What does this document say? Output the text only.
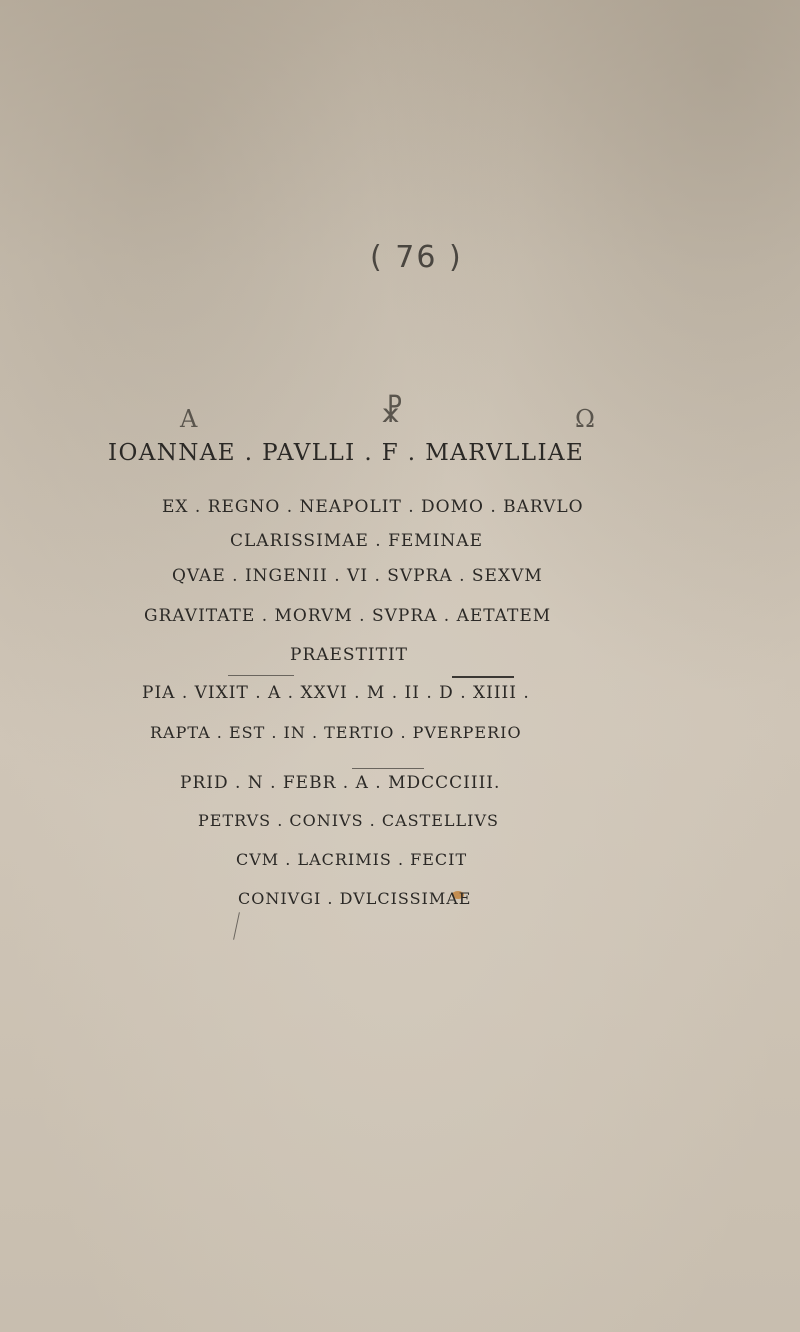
( 76 )
A	☧	Ω
IOANNAE . PAVLLI . F . MARVLLIAE
EX . REGNO . NEAPOLIT . DOMO . BARVLO
CLARISSIMAE . FEMINAE
QVAE . INGENII . VI . SVPRA . SEXVM
GRAVITATE . MORVM . SVPRA . AETATEM
PRAESTITIT
PIA . VIXIT . A . XXVI . M . II . D . XIIII .
RAPTA . EST . IN . TERTIO . PVERPERIO
PRID . N . FEBR . A . MDCCCIIII.
PETRVS . CONIVS . CASTELLIVS
CVM . LACRIMIS . FECIT
CONIVGI . DVLCISSIMAE
